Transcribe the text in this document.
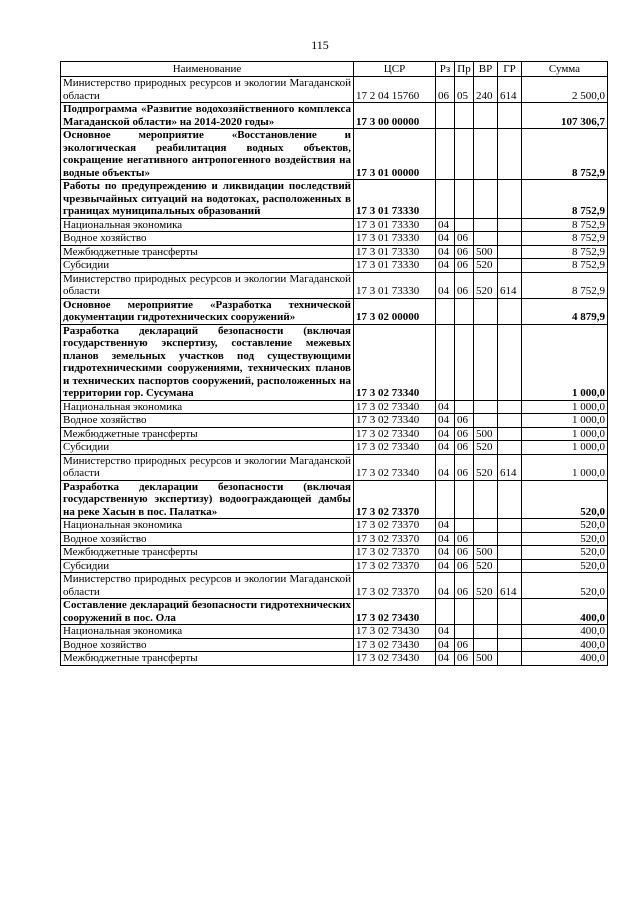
115
Наименование	ЦСР	Рз	Пр	ВР	ГР	Сумма
Министерство природных ресурсов и экологии Магаданской области	17 2 04 15760	06	05	240	614	2 500,0
Подпрограмма «Развитие водохозяйственного комплекса Магаданской области» на 2014-2020 годы»	17 3 00 00000					107 306,7
Основное мероприятие «Восстановление и экологическая реабилитация водных объектов, сокращение негативного антропогенного воздействия на водные объекты»	17 3 01 00000					8 752,9
Работы по предупреждению и ликвидации последствий чрезвычайных ситуаций на водотоках, расположенных в границах муниципальных образований	17 3 01 73330					8 752,9
Национальная экономика	17 3 01 73330	04				8 752,9
Водное хозяйство	17 3 01 73330	04	06			8 752,9
Межбюджетные трансферты	17 3 01 73330	04	06	500		8 752,9
Субсидии	17 3 01 73330	04	06	520		8 752,9
Министерство природных ресурсов и экологии Магаданской области	17 3 01 73330	04	06	520	614	8 752,9
Основное мероприятие «Разработка технической документации гидротехнических сооружений»	17 3 02 00000					4 879,9
Разработка деклараций безопасности (включая государственную экспертизу, составление межевых планов земельных участков под существующими гидротехническими сооружениями, технических планов и технических паспортов сооружений, расположенных на территории гор. Сусумана	17 3 02 73340					1 000,0
Национальная экономика	17 3 02 73340	04				1 000,0
Водное хозяйство	17 3 02 73340	04	06			1 000,0
Межбюджетные трансферты	17 3 02 73340	04	06	500		1 000,0
Субсидии	17 3 02 73340	04	06	520		1 000,0
Министерство природных ресурсов и экологии Магаданской области	17 3 02 73340	04	06	520	614	1 000,0
Разработка декларации безопасности (включая государственную экспертизу) водоограждающей дамбы на реке Хасын в пос. Палатка»	17 3 02 73370					520,0
Национальная экономика	17 3 02 73370	04				520,0
Водное хозяйство	17 3 02 73370	04	06			520,0
Межбюджетные трансферты	17 3 02 73370	04	06	500		520,0
Субсидии	17 3 02 73370	04	06	520		520,0
Министерство природных ресурсов и экологии Магаданской области	17 3 02 73370	04	06	520	614	520,0
Составление деклараций безопасности гидротехнических сооружений в пос. Ола	17 3 02 73430					400,0
Национальная экономика	17 3 02 73430	04				400,0
Водное хозяйство	17 3 02 73430	04	06			400,0
Межбюджетные трансферты	17 3 02 73430	04	06	500		400,0
